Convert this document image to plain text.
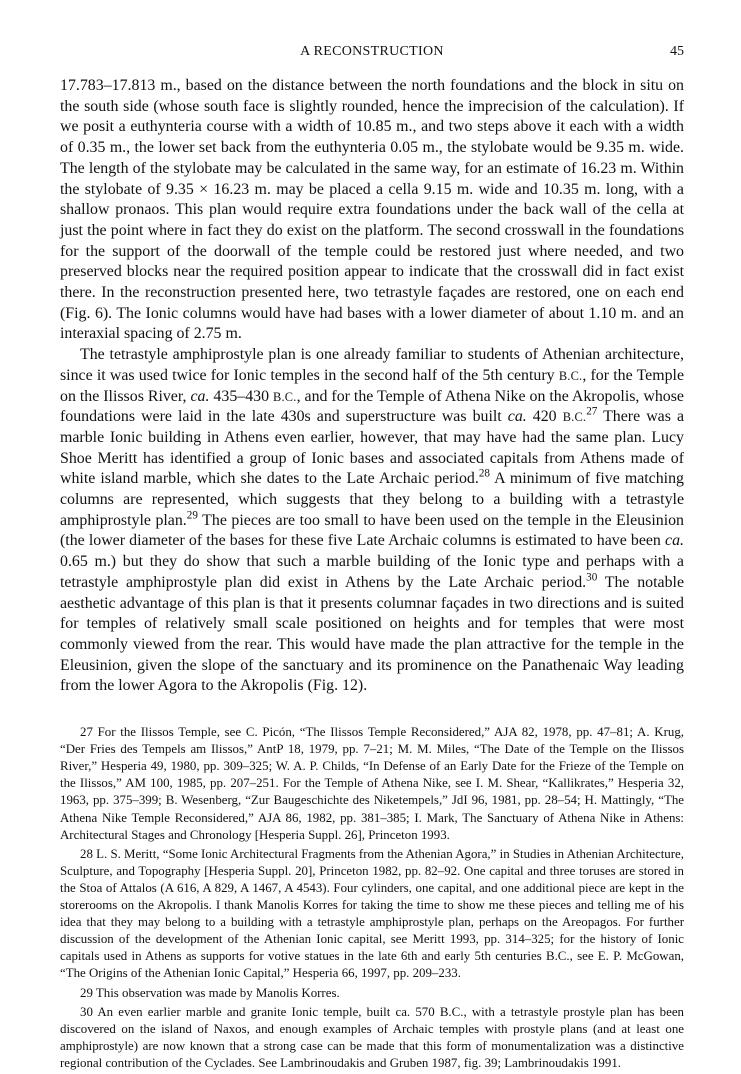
A RECONSTRUCTION	45

17.783–17.813 m., based on the distance between the north foundations and the block in situ on the south side (whose south face is slightly rounded, hence the imprecision of the calculation). If we posit a euthynteria course with a width of 10.85 m., and two steps above it each with a width of 0.35 m., the lower set back from the euthynteria 0.05 m., the stylobate would be 9.35 m. wide. The length of the stylobate may be calculated in the same way, for an estimate of 16.23 m. Within the stylobate of 9.35 × 16.23 m. may be placed a cella 9.15 m. wide and 10.35 m. long, with a shallow pronaos. This plan would require extra foundations under the back wall of the cella at just the point where in fact they do exist on the platform. The second crosswall in the foundations for the support of the doorwall of the temple could be restored just where needed, and two preserved blocks near the required position appear to indicate that the crosswall did in fact exist there. In the reconstruction presented here, two tetrastyle façades are restored, one on each end (Fig. 6). The Ionic columns would have had bases with a lower diameter of about 1.10 m. and an interaxial spacing of 2.75 m.

The tetrastyle amphiprostyle plan is one already familiar to students of Athenian architecture, since it was used twice for Ionic temples in the second half of the 5th century B.C., for the Temple on the Ilissos River, ca. 435–430 B.C., and for the Temple of Athena Nike on the Akropolis, whose foundations were laid in the late 430s and superstructure was built ca. 420 B.C.$^{27}$ There was a marble Ionic building in Athens even earlier, however, that may have had the same plan. Lucy Shoe Meritt has identified a group of Ionic bases and associated capitals from Athens made of white island marble, which she dates to the Late Archaic period.$^{28}$ A minimum of five matching columns are represented, which suggests that they belong to a building with a tetrastyle amphiprostyle plan.$^{29}$ The pieces are too small to have been used on the temple in the Eleusinion (the lower diameter of the bases for these five Late Archaic columns is estimated to have been ca. 0.65 m.) but they do show that such a marble building of the Ionic type and perhaps with a tetrastyle amphiprostyle plan did exist in Athens by the Late Archaic period.$^{30}$ The notable aesthetic advantage of this plan is that it presents columnar façades in two directions and is suited for temples of relatively small scale positioned on heights and for temples that were most commonly viewed from the rear. This would have made the plan attractive for the temple in the Eleusinion, given the slope of the sanctuary and its prominence on the Panathenaic Way leading from the lower Agora to the Akropolis (Fig. 12).

27 For the Ilissos Temple, see C. Picón, “The Ilissos Temple Reconsidered,” AJA 82, 1978, pp. 47–81; A. Krug, “Der Fries des Tempels am Ilissos,” AntP 18, 1979, pp. 7–21; M. M. Miles, “The Date of the Temple on the Ilissos River,” Hesperia 49, 1980, pp. 309–325; W. A. P. Childs, “In Defense of an Early Date for the Frieze of the Temple on the Ilissos,” AM 100, 1985, pp. 207–251. For the Temple of Athena Nike, see I. M. Shear, “Kallikrates,” Hesperia 32, 1963, pp. 375–399; B. Wesenberg, “Zur Baugeschichte des Niketempels,” JdI 96, 1981, pp. 28–54; H. Mattingly, “The Athena Nike Temple Reconsidered,” AJA 86, 1982, pp. 381–385; I. Mark, The Sanctuary of Athena Nike in Athens: Architectural Stages and Chronology [Hesperia Suppl. 26], Princeton 1993.

28 L. S. Meritt, “Some Ionic Architectural Fragments from the Athenian Agora,” in Studies in Athenian Architecture, Sculpture, and Topography [Hesperia Suppl. 20], Princeton 1982, pp. 82–92. One capital and three toruses are stored in the Stoa of Attalos (A 616, A 829, A 1467, A 4543). Four cylinders, one capital, and one additional piece are kept in the storerooms on the Akropolis. I thank Manolis Korres for taking the time to show me these pieces and telling me of his idea that they may belong to a building with a tetrastyle amphiprostyle plan, perhaps on the Areopagos. For further discussion of the development of the Athenian Ionic capital, see Meritt 1993, pp. 314–325; for the history of Ionic capitals used in Athens as supports for votive statues in the late 6th and early 5th centuries B.C., see E. P. McGowan, “The Origins of the Athenian Ionic Capital,” Hesperia 66, 1997, pp. 209–233.

29 This observation was made by Manolis Korres.

30 An even earlier marble and granite Ionic temple, built ca. 570 B.C., with a tetrastyle prostyle plan has been discovered on the island of Naxos, and enough examples of Archaic temples with prostyle plans (and at least one amphiprostyle) are now known that a strong case can be made that this form of monumentalization was a distinctive regional contribution of the Cyclades. See Lambrinoudakis and Gruben 1987, fig. 39; Lambrinoudakis 1991.
